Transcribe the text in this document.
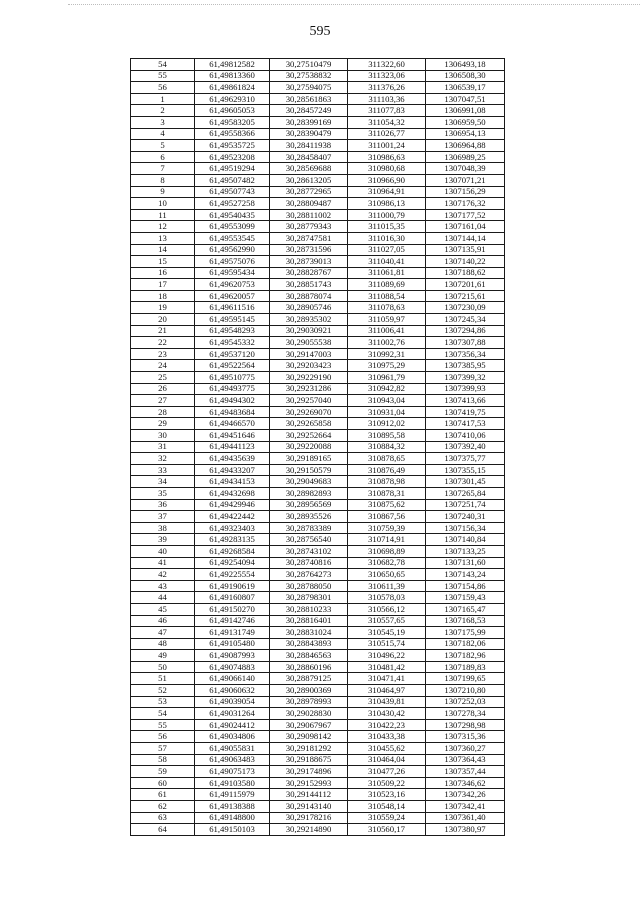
595
54	61,49812582	30,27510479	311322,60	1306493,18
55	61,49813360	30,27538832	311323,06	1306508,30
56	61,49861824	30,27594075	311376,26	1306539,17
1	61,49629310	30,28561863	311103,36	1307047,51
2	61,49605053	30,28457249	311077,83	1306991,08
3	61,49583205	30,28399169	311054,32	1306959,50
4	61,49558366	30,28390479	311026,77	1306954,13
5	61,49535725	30,28411938	311001,24	1306964,88
6	61,49523208	30,28458407	310986,63	1306989,25
7	61,49519294	30,28569688	310980,68	1307048,39
8	61,49507482	30,28613205	310966,90	1307071,21
9	61,49507743	30,28772965	310964,91	1307156,29
10	61,49527258	30,28809487	310986,13	1307176,32
11	61,49540435	30,28811002	311000,79	1307177,52
12	61,49553099	30,28779343	311015,35	1307161,04
13	61,49553545	30,28747581	311016,30	1307144,14
14	61,49562990	30,28731596	311027,05	1307135,91
15	61,49575076	30,28739013	311040,41	1307140,22
16	61,49595434	30,28828767	311061,81	1307188,62
17	61,49620753	30,28851743	311089,69	1307201,61
18	61,49620057	30,28878074	311088,54	1307215,61
19	61,49611516	30,28905746	311078,63	1307230,09
20	61,49595145	30,28935302	311059,97	1307245,34
21	61,49548293	30,29030921	311006,41	1307294,86
22	61,49545332	30,29055538	311002,76	1307307,88
23	61,49537120	30,29147003	310992,31	1307356,34
24	61,49522564	30,29203423	310975,29	1307385,95
25	61,49510775	30,29229190	310961,79	1307399,32
26	61,49493775	30,29231286	310942,82	1307399,93
27	61,49494302	30,29257040	310943,04	1307413,66
28	61,49483684	30,29269070	310931,04	1307419,75
29	61,49466570	30,29265858	310912,02	1307417,53
30	61,49451646	30,29252664	310895,58	1307410,06
31	61,49441123	30,29220088	310884,32	1307392,40
32	61,49435639	30,29189165	310878,65	1307375,77
33	61,49433207	30,29150579	310876,49	1307355,15
34	61,49434153	30,29049683	310878,98	1307301,45
35	61,49432698	30,28982893	310878,31	1307265,84
36	61,49429946	30,28956569	310875,62	1307251,74
37	61,49422442	30,28935526	310867,56	1307240,31
38	61,49323403	30,28783389	310759,39	1307156,34
39	61,49283135	30,28756540	310714,91	1307140,84
40	61,49268584	30,28743102	310698,89	1307133,25
41	61,49254094	30,28740816	310682,78	1307131,60
42	61,49225554	30,28764273	310650,65	1307143,24
43	61,49190619	30,28788050	310611,39	1307154,86
44	61,49160807	30,28798301	310578,03	1307159,43
45	61,49150270	30,28810233	310566,12	1307165,47
46	61,49142746	30,28816401	310557,65	1307168,53
47	61,49131749	30,28831024	310545,19	1307175,99
48	61,49105480	30,28843893	310515,74	1307182,06
49	61,49087993	30,28846563	310496,22	1307182,96
50	61,49074883	30,28860196	310481,42	1307189,83
51	61,49066140	30,28879125	310471,41	1307199,65
52	61,49060632	30,28900369	310464,97	1307210,80
53	61,49039054	30,28978993	310439,81	1307252,03
54	61,49031264	30,29028830	310430,42	1307278,34
55	61,49024412	30,29067967	310422,23	1307298,98
56	61,49034806	30,29098142	310433,38	1307315,36
57	61,49055831	30,29181292	310455,62	1307360,27
58	61,49063483	30,29188675	310464,04	1307364,43
59	61,49075173	30,29174896	310477,26	1307357,44
60	61,49103580	30,29152993	310509,22	1307346,62
61	61,49115979	30,29144112	310523,16	1307342,26
62	61,49138388	30,29143140	310548,14	1307342,41
63	61,49148800	30,29178216	310559,24	1307361,40
64	61,49150103	30,29214890	310560,17	1307380,97
